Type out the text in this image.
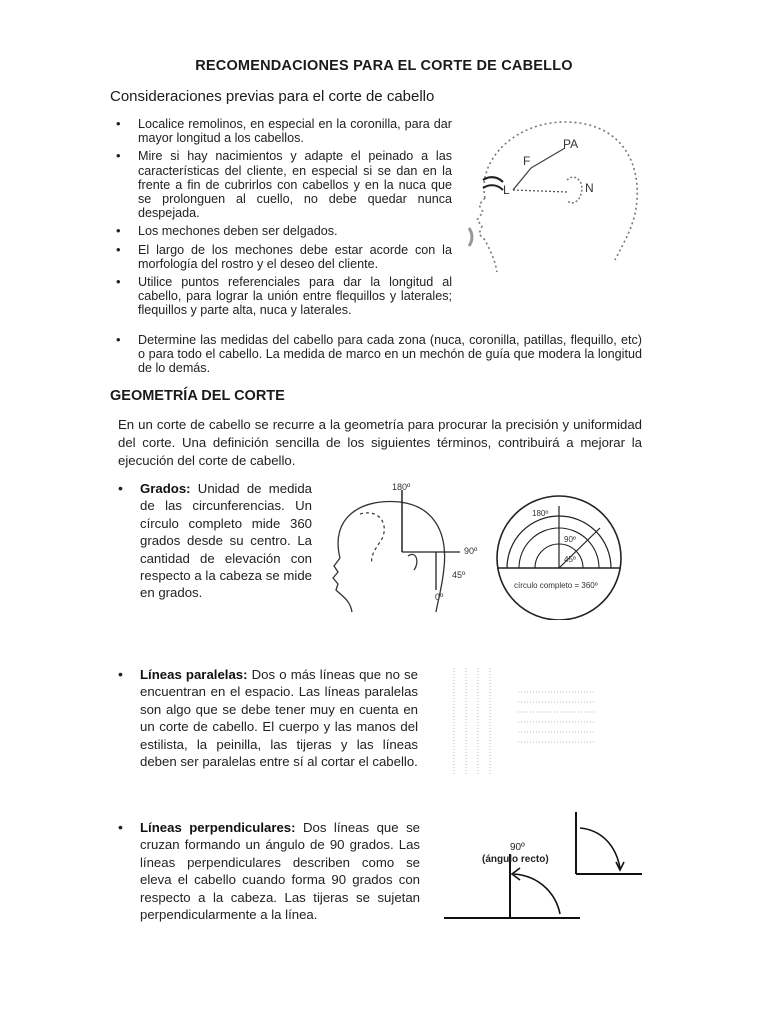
RECOMENDACIONES PARA EL CORTE DE CABELLO
Consideraciones previas para el corte de cabello
• Localice remolinos, en especial en la coronilla, para dar mayor longitud a los cabellos.
• Mire si hay nacimientos y adapte el peinado a las características del cliente, en especial si se dan en la frente a fin de cubrirlos con cabellos y en la nuca que se prolonguen al cuello, no debe quedar nunca despejada.
• Los mechones deben ser delgados.
• El largo de los mechones debe estar acorde con la morfología del rostro y el deseo del cliente.
• Utilice puntos referenciales para dar la longitud al cabello, para lograr la unión entre flequillos y laterales; flequillos y parte alta, nuca y laterales.
• Determine las medidas del cabello para cada zona (nuca, coronilla, patillas, flequillo, etc) o para todo el cabello. La medida de marco en un mechón de guía que modera la longitud de lo demás.
L
F
PA
N
GEOMETRÍA DEL CORTE
En un corte de cabello se recurre a la geometría para procurar la precisión y uniformidad del corte. Una definición sencilla de los siguientes términos, contribuirá a mejorar la ejecución del corte de cabello.
• Grados: Unidad de medida de las circunferencias. Un círculo completo mide 360 grados desde su centro. La cantidad de elevación con respecto a la cabeza se mide en grados.
• Líneas paralelas: Dos o más líneas que no se encuentran en el espacio. Las líneas paralelas son algo que se debe tener muy en cuenta en un corte de cabello. El cuerpo y las manos del estilista, la peinilla, las tijeras y las líneas deben ser paralelas entre sí al cortar el cabello.
• Líneas perpendiculares: Dos líneas que se cruzan formando un ángulo de 90 grados. Las líneas perpendiculares describen como se eleva el cabello cuando forma 90 grados con respecto a la cabeza. Las tijeras se sujetan perpendicularmente a la línea.
180º
90º
45º
0º
180º
90º
45º
círculo completo = 360º
90º
(ángulo recto)
